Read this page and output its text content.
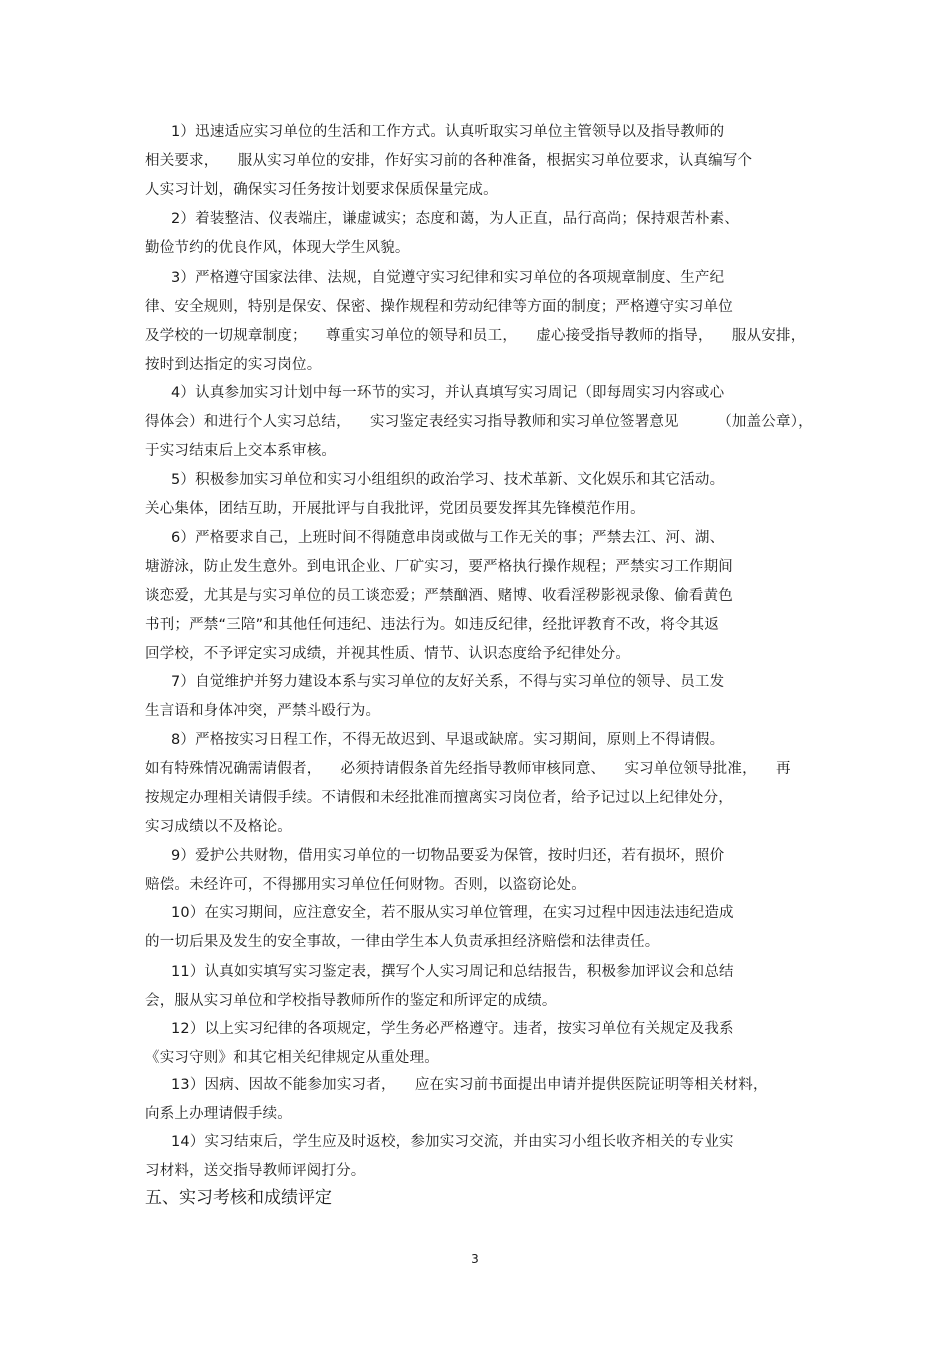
1）迅速适应实习单位的生活和工作方式。认真听取实习单位主管领导以及指导教师的
相关要求，    服从实习单位的安排，作好实习前的各种准备，根据实习单位要求，认真编写个
人实习计划，确保实习任务按计划要求保质保量完成。
2）着装整洁、仪表端庄，谦虚诚实；态度和蔼，为人正直，品行高尚；保持艰苦朴素、
勤俭节约的优良作风，体现大学生风貌。
3）严格遵守国家法律、法规，自觉遵守实习纪律和实习单位的各项规章制度、生产纪
律、安全规则，特别是保安、保密、操作规程和劳动纪律等方面的制度；严格遵守实习单位
及学校的一切规章制度；    尊重实习单位的领导和员工，    虚心接受指导教师的指导，    服从安排，
按时到达指定的实习岗位。
4）认真参加实习计划中每一环节的实习，并认真填写实习周记（即每周实习内容或心
得体会）和进行个人实习总结，    实习鉴定表经实习指导教师和实习单位签署意见        （加盖公章），
于实习结束后上交本系审核。
5）积极参加实习单位和实习小组组织的政治学习、技术革新、文化娱乐和其它活动。
关心集体，团结互助，开展批评与自我批评，党团员要发挥其先锋模范作用。
6）严格要求自己，上班时间不得随意串岗或做与工作无关的事；严禁去江、河、湖、
塘游泳，防止发生意外。到电讯企业、厂矿实习，要严格执行操作规程；严禁实习工作期间
谈恋爱，尤其是与实习单位的员工谈恋爱；严禁酗酒、赌博、收看淫秽影视录像、偷看黄色
书刊；严禁“三陪”和其他任何违纪、违法行为。如违反纪律，经批评教育不改，将令其返
回学校，不予评定实习成绩，并视其性质、情节、认识态度给予纪律处分。
7）自觉维护并努力建设本系与实习单位的友好关系，不得与实习单位的领导、员工发
生言语和身体冲突，严禁斗殴行为。
8）严格按实习日程工作，不得无故迟到、早退或缺席。实习期间，原则上不得请假。
如有特殊情况确需请假者，    必须持请假条首先经指导教师审核同意、    实习单位领导批准，    再
按规定办理相关请假手续。不请假和未经批准而擅离实习岗位者，给予记过以上纪律处分，
实习成绩以不及格论。
9）爱护公共财物，借用实习单位的一切物品要妥为保管，按时归还，若有损坏，照价
赔偿。未经许可，不得挪用实习单位任何财物。否则，以盗窃论处。
10）在实习期间，应注意安全，若不服从实习单位管理，在实习过程中因违法违纪造成
的一切后果及发生的安全事故，一律由学生本人负责承担经济赔偿和法律责任。
11）认真如实填写实习鉴定表，撰写个人实习周记和总结报告，积极参加评议会和总结
会，服从实习单位和学校指导教师所作的鉴定和所评定的成绩。
12）以上实习纪律的各项规定，学生务必严格遵守。违者，按实习单位有关规定及我系
《实习守则》和其它相关纪律规定从重处理。
13）因病、因故不能参加实习者，    应在实习前书面提出申请并提供医院证明等相关材料，
向系上办理请假手续。
14）实习结束后，学生应及时返校，参加实习交流，并由实习小组长收齐相关的专业实
习材料，送交指导教师评阅打分。
五、实习考核和成绩评定
3
